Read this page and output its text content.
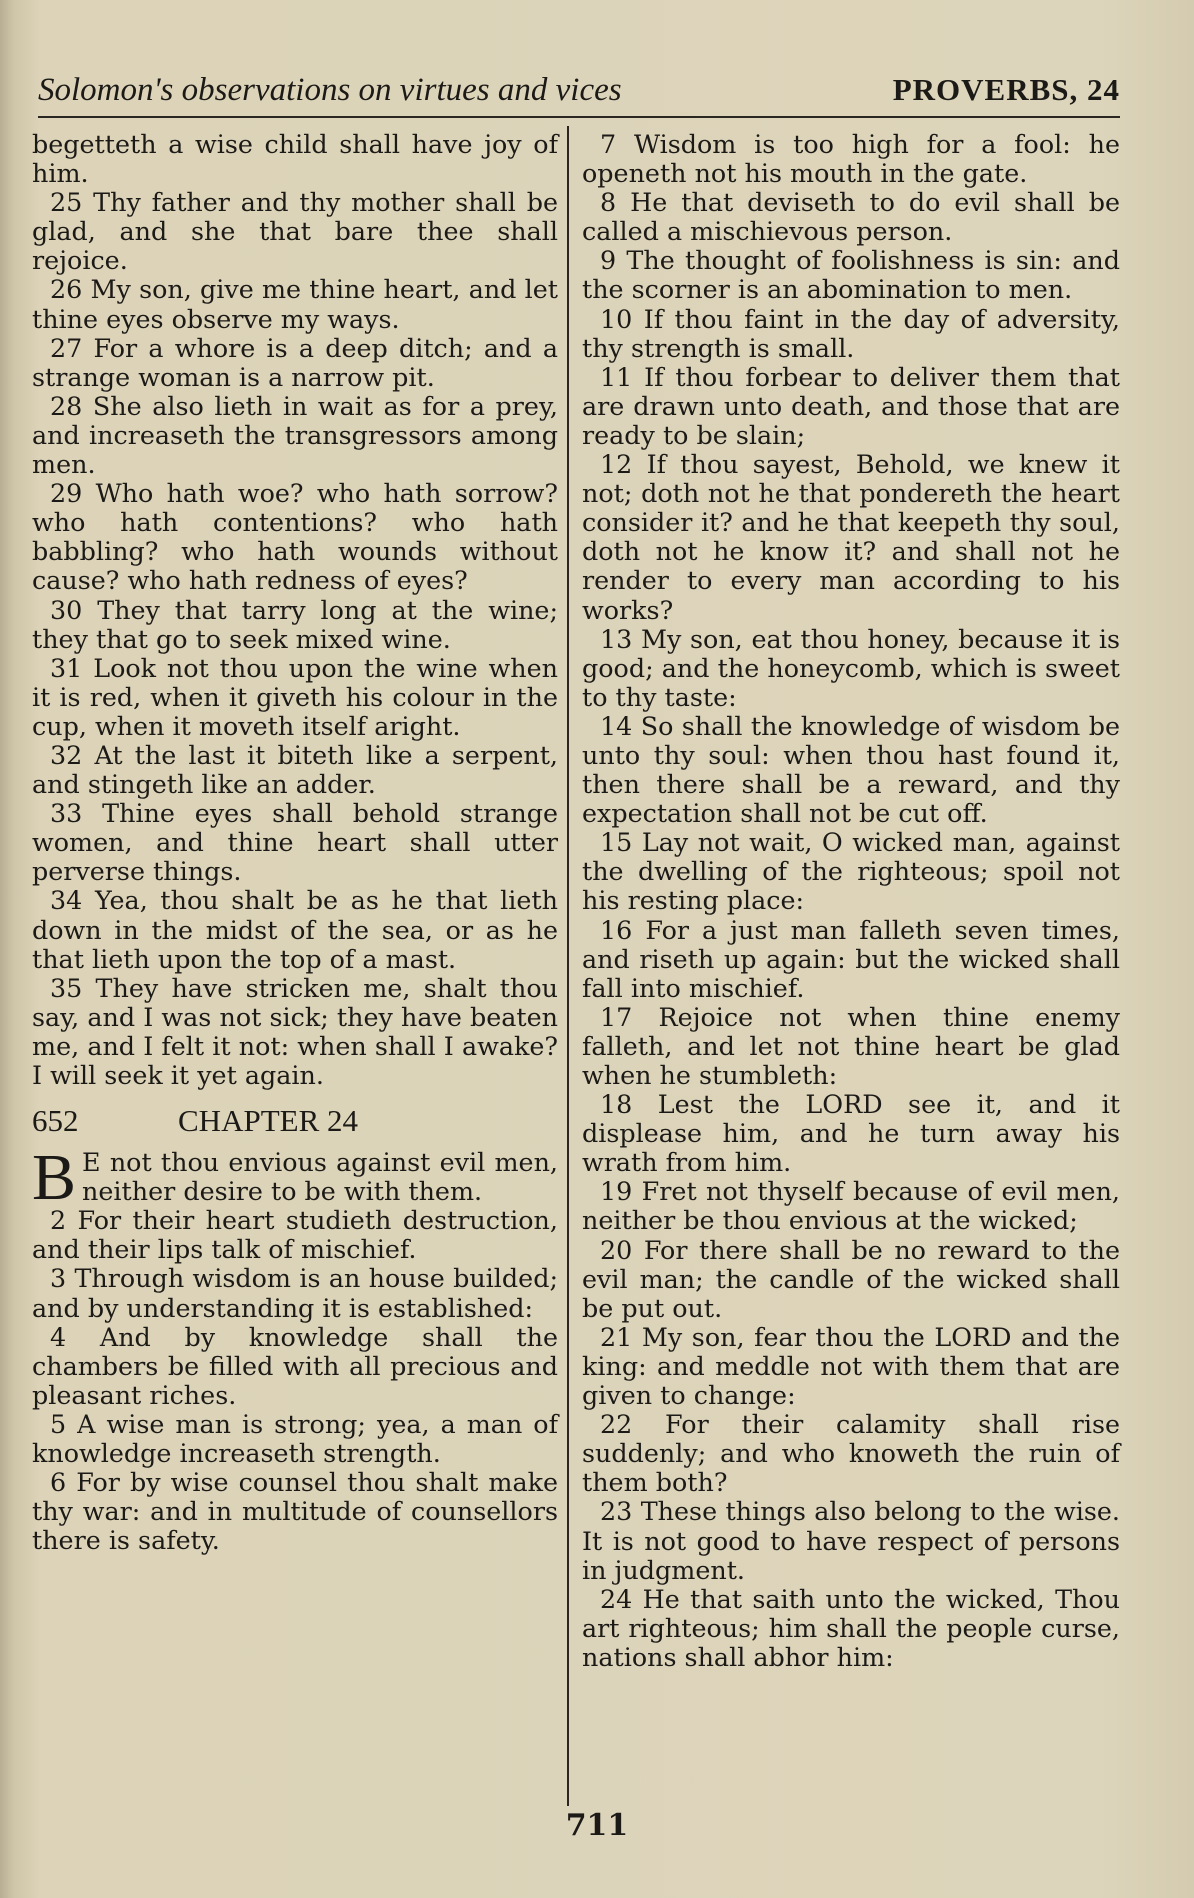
Solomon's observations on virtues and vices	PROVERBS, 24

begetteth a wise child shall have joy of him.

25 Thy father and thy mother shall be glad, and she that bare thee shall rejoice.

26 My son, give me thine heart, and let thine eyes observe my ways.

27 For a whore is a deep ditch; and a strange woman is a narrow pit.

28 She also lieth in wait as for a prey, and increaseth the transgressors among men.

29 Who hath woe? who hath sorrow? who hath contentions? who hath babbling? who hath wounds without cause? who hath redness of eyes?

30 They that tarry long at the wine; they that go to seek mixed wine.

31 Look not thou upon the wine when it is red, when it giveth his colour in the cup, when it moveth itself aright.

32 At the last it biteth like a serpent, and stingeth like an adder.

33 Thine eyes shall behold strange women, and thine heart shall utter perverse things.

34 Yea, thou shalt be as he that lieth down in the midst of the sea, or as he that lieth upon the top of a mast.

35 They have stricken me, shalt thou say, and I was not sick; they have beaten me, and I felt it not: when shall I awake? I will seek it yet again.

652	CHAPTER 24

B E not thou envious against evil men, neither desire to be with them.

2 For their heart studieth destruction, and their lips talk of mischief.

3 Through wisdom is an house builded; and by understanding it is established:

4 And by knowledge shall the chambers be filled with all precious and pleasant riches.

5 A wise man is strong; yea, a man of knowledge increaseth strength.

6 For by wise counsel thou shalt make thy war: and in multitude of counsellors there is safety.

7 Wisdom is too high for a fool: he openeth not his mouth in the gate.

8 He that deviseth to do evil shall be called a mischievous person.

9 The thought of foolishness is sin: and the scorner is an abomination to men.

10 If thou faint in the day of adversity, thy strength is small.

11 If thou forbear to deliver them that are drawn unto death, and those that are ready to be slain;

12 If thou sayest, Behold, we knew it not; doth not he that pondereth the heart consider it? and he that keepeth thy soul, doth not he know it? and shall not he render to every man according to his works?

13 My son, eat thou honey, because it is good; and the honeycomb, which is sweet to thy taste:

14 So shall the knowledge of wisdom be unto thy soul: when thou hast found it, then there shall be a reward, and thy expectation shall not be cut off.

15 Lay not wait, O wicked man, against the dwelling of the righteous; spoil not his resting place:

16 For a just man falleth seven times, and riseth up again: but the wicked shall fall into mischief.

17 Rejoice not when thine enemy falleth, and let not thine heart be glad when he stumbleth:

18 Lest the LORD see it, and it displease him, and he turn away his wrath from him.

19 Fret not thyself because of evil men, neither be thou envious at the wicked;

20 For there shall be no reward to the evil man; the candle of the wicked shall be put out.

21 My son, fear thou the LORD and the king: and meddle not with them that are given to change:

22 For their calamity shall rise suddenly; and who knoweth the ruin of them both?

23 These things also belong to the wise. It is not good to have respect of persons in judgment.

24 He that saith unto the wicked, Thou art righteous; him shall the people curse, nations shall abhor him:

711
